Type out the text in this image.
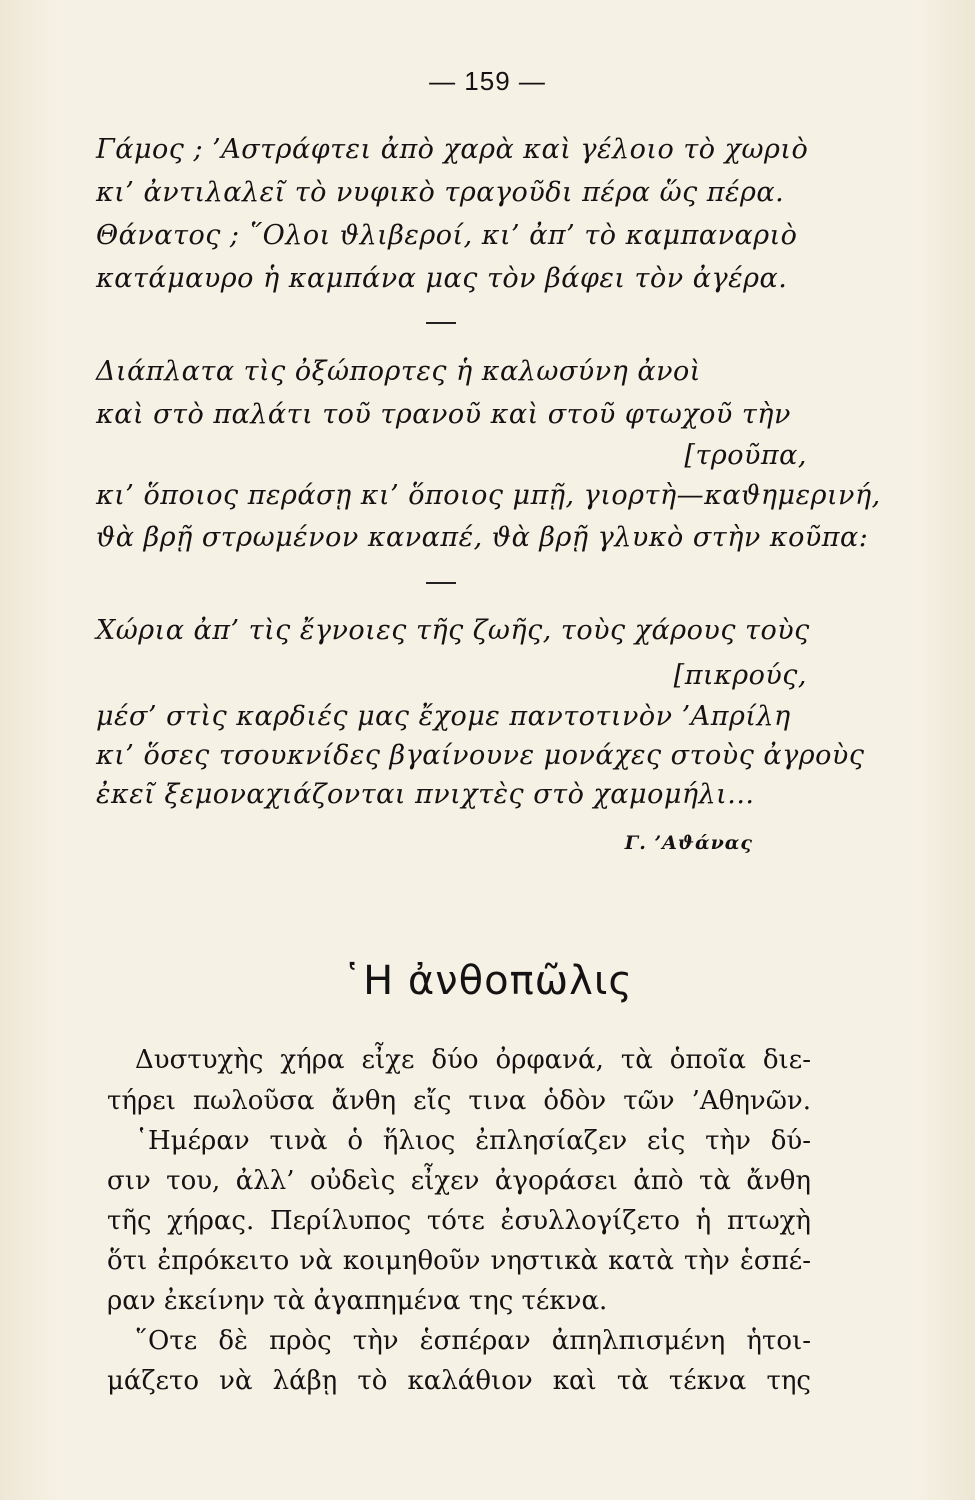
— 159 —
Γάμος ; ’Αστράφτει ἀπὸ χαρὰ καὶ γέλοιο τὸ χωριὸ
κι’ ἀντιλαλεῖ τὸ νυφικὸ τραγοῦδι πέρα ὥς πέρα.
Θάνατος ; ῞Ολοι ϑλιβεροί, κι’ ἀπ’ τὸ καμπαναριὸ
κατάμαυρο ἡ καμπάνα μας τὸν βάφει τὸν ἀγέρα.
Διάπλατα τὶς ὀξώπορτες ἡ καλωσύνη ἀνοὶ
καὶ στὸ παλάτι τοῦ τρανοῦ καὶ στοῦ φτωχοῦ τὴν
[τροῦπα,
κι’ ὅποιος περάσῃ κι’ ὅποιος μπῇ, γιορτὴ—καϑημερινή,
ϑὰ βρῇ στρωμένον καναπέ, ϑὰ βρῇ γλυκὸ στὴν κοῦπα:
Χώρια ἀπ’ τὶς ἔγνοιες τῆς ζωῆς, τοὺς χάρους τοὺς
[πικρούς,
μέσ’ στὶς καρδιές μας ἔχομε παντοτινὸν ’Απρίλη
κι’ ὅσες τσουκνίδες βγαίνουνε μονάχες στοὺς ἀγροὺς
ἐκεῖ ξεμοναχιάζονται πνιχτὲς στὸ χαμομήλι...
Γ. ’Αϑάνας
῾Η ἀνθοπῶλις
Δυστυχὴς χήρα εἶχε δύο ὀρφανά, τὰ ὁποῖα διε-
τήρει πωλοῦσα ἄνθη εἴς τινα ὁδὸν τῶν ’Αθηνῶν.
῾Ημέραν τινὰ ὁ ἥλιος ἐπλησίαζεν εἰς τὴν δύ-
σιν του, ἀλλ’ οὐδεὶς εἶχεν ἀγοράσει ἀπὸ τὰ ἄνθη
τῆς χήρας. Περίλυπος τότε ἐσυλλογίζετο ἡ πτωχὴ
ὅτι ἐπρόκειτο νὰ κοιμηθοῦν νηστικὰ κατὰ τὴν ἑσπέ-
ραν ἐκείνην τὰ ἀγαπημένα της τέκνα.
῞Οτε δὲ πρὸς τὴν ἑσπέραν ἀπηλπισμένη ἡτοι-
μάζετο νὰ λάβῃ τὸ καλάθιον καὶ τὰ τέκνα της
